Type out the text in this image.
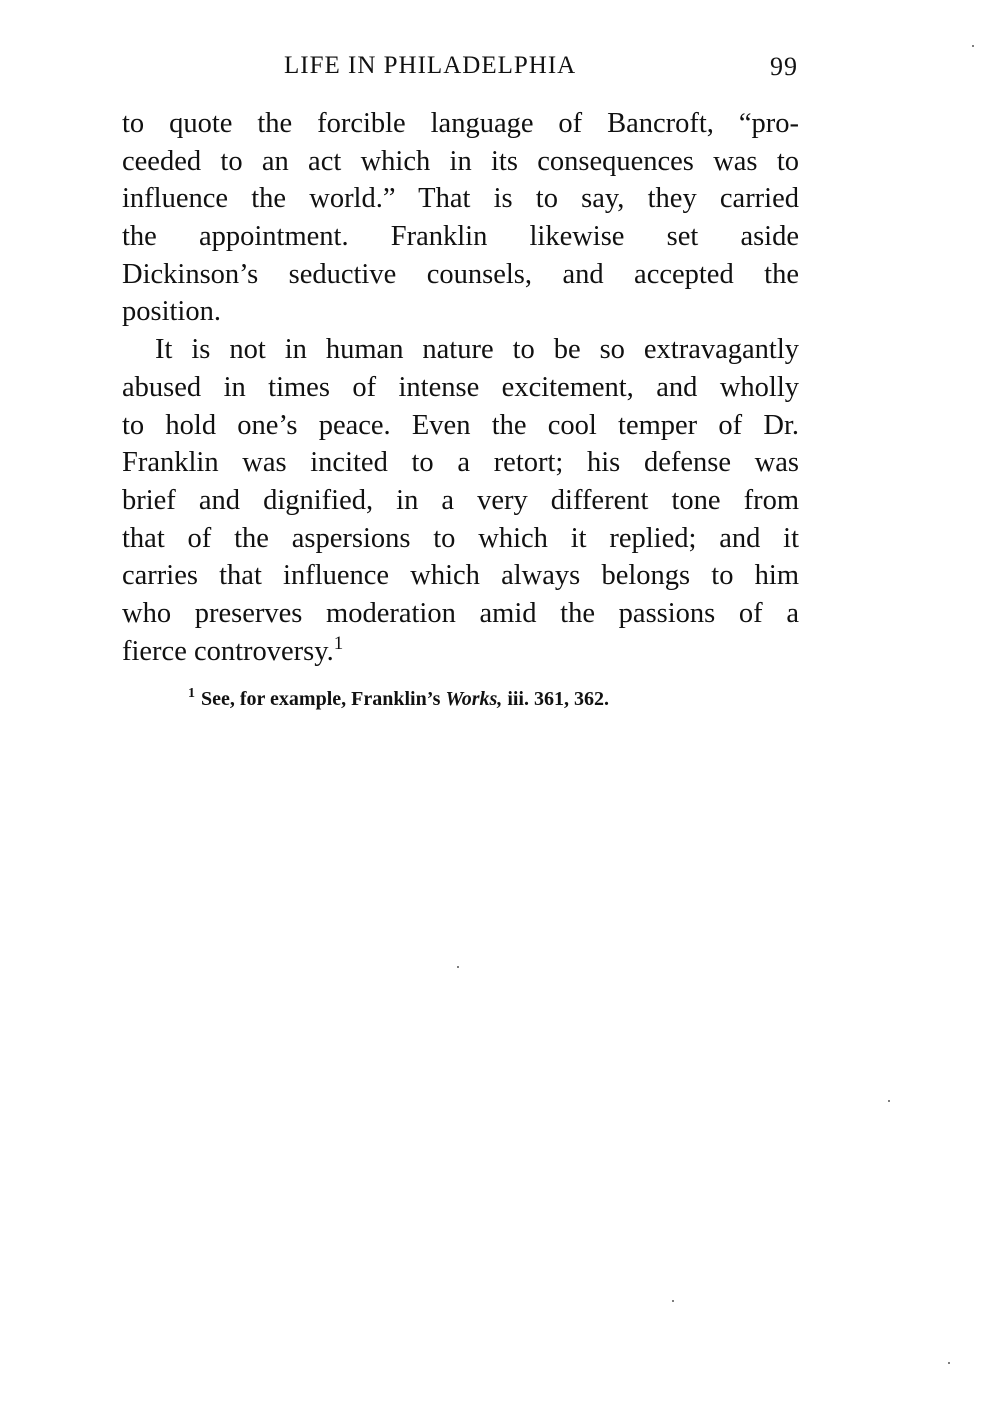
LIFE IN PHILADELPHIA	99
to quote the forcible language of Bancroft, “pro-
ceeded to an act which in its consequences was to
influence the world.” That is to say, they carried
the appointment. Franklin likewise set aside
Dickinson’s seductive counsels, and accepted the
position.
It is not in human nature to be so extravagantly
abused in times of intense excitement, and wholly
to hold one’s peace. Even the cool temper of Dr.
Franklin was incited to a retort; his defense was
brief and dignified, in a very different tone from
that of the aspersions to which it replied; and it
carries that influence which always belongs to him
who preserves moderation amid the passions of a
fierce controversy.$^1$
$^1$ See, for example, Franklin’s Works, iii. 361, 362.
